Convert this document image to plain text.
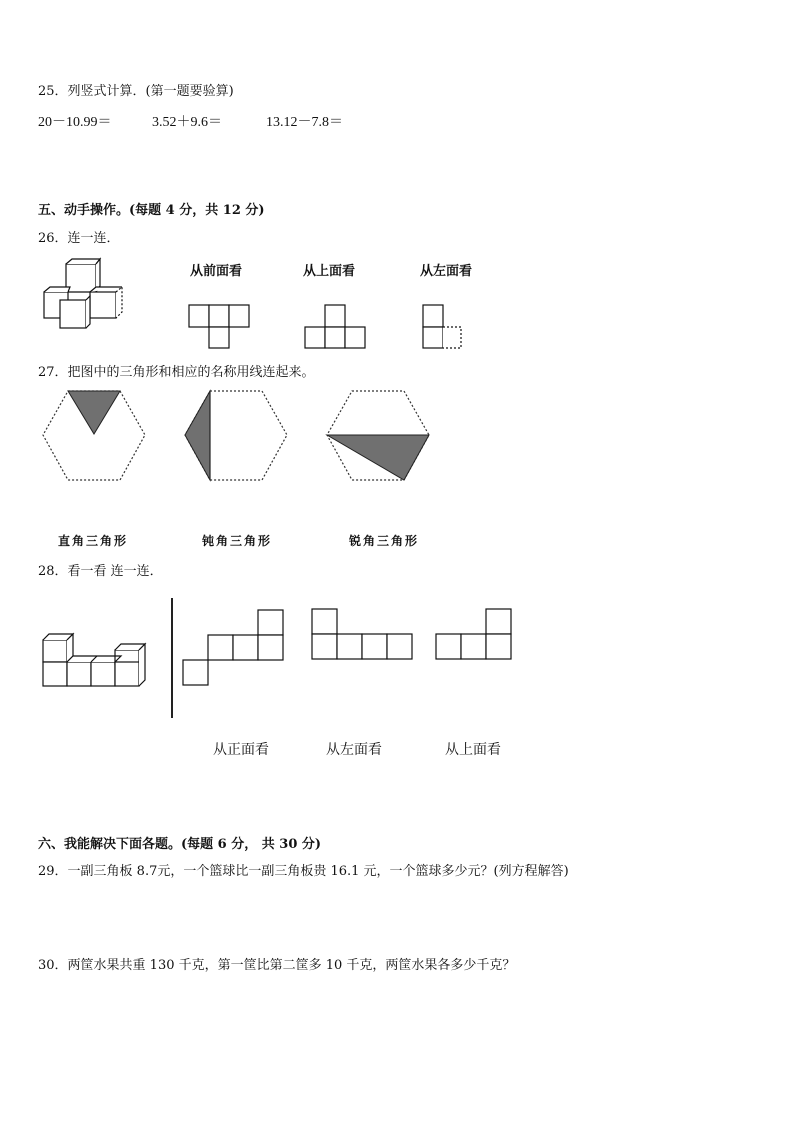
25．列竖式计算．(第一题要验算)
20－10.99＝	3.52＋9.6＝	13.12－7.8＝
五、动手操作。(每题 4 分，共 12 分)
26．连一连．
从前面看	从上面看	从左面看
27．把图中的三角形和相应的名称用线连起来。
直角三角形	钝角三角形	锐角三角形
28．看一看 连一连．
从正面看	从左面看	从上面看
六、我能解决下面各题。(每题 6 分， 共 30 分)
29．一副三角板 8.7元，一个篮球比一副三角板贵 16.1 元，一个篮球多少元？(列方程解答)
30．两筐水果共重 130 千克，第一筐比第二筐多 10 千克，两筐水果各多少千克？
